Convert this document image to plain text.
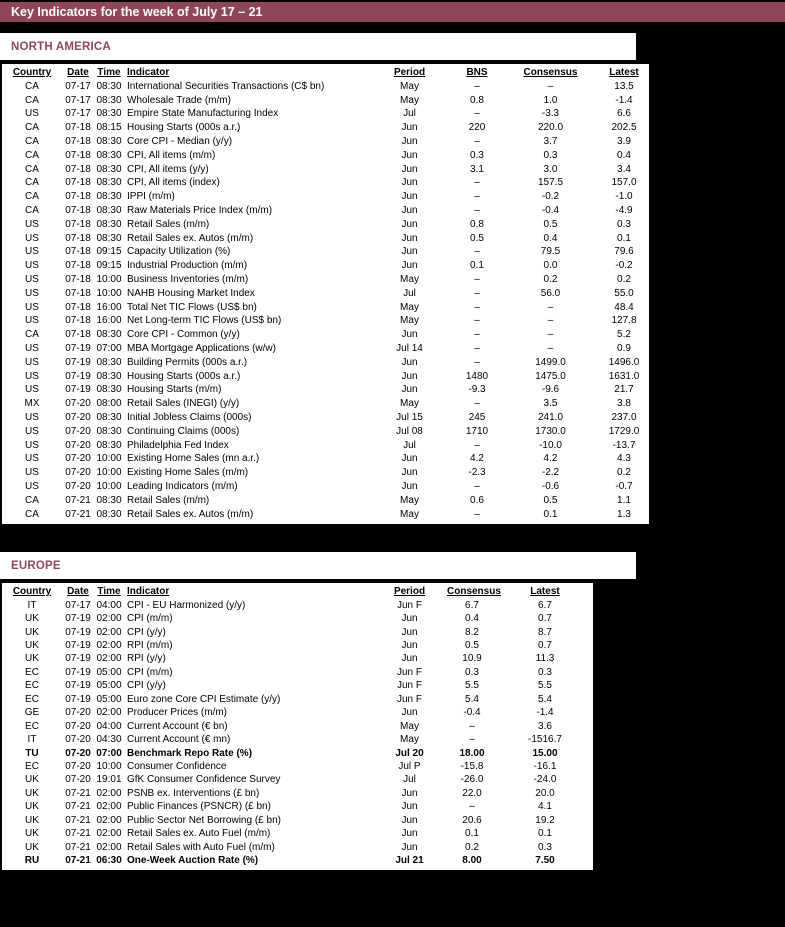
Key Indicators for the week of July 17 – 21
NORTH AMERICA
Country	Date	Time	Indicator	Period	BNS	Consensus	Latest
CA	07-17	08:30	International Securities Transactions (C$ bn)	May	–	–	13.5
CA	07-17	08:30	Wholesale Trade (m/m)	May	0.8	1.0	-1.4
US	07-17	08:30	Empire State Manufacturing Index	Jul	–	-3.3	6.6
CA	07-18	08:15	Housing Starts (000s a.r.)	Jun	220	220.0	202.5
CA	07-18	08:30	Core CPI - Median (y/y)	Jun	–	3.7	3.9
CA	07-18	08:30	CPI, All items (m/m)	Jun	0.3	0.3	0.4
CA	07-18	08:30	CPI, All items (y/y)	Jun	3.1	3.0	3.4
CA	07-18	08:30	CPI, All items (index)	Jun	–	157.5	157.0
CA	07-18	08:30	IPPI (m/m)	Jun	–	-0.2	-1.0
CA	07-18	08:30	Raw Materials Price Index (m/m)	Jun	–	-0.4	-4.9
US	07-18	08:30	Retail Sales (m/m)	Jun	0.8	0.5	0.3
US	07-18	08:30	Retail Sales ex. Autos (m/m)	Jun	0.5	0.4	0.1
US	07-18	09:15	Capacity Utilization (%)	Jun	–	79.5	79.6
US	07-18	09:15	Industrial Production (m/m)	Jun	0.1	0.0	-0.2
US	07-18	10:00	Business Inventories (m/m)	May	–	0.2	0.2
US	07-18	10:00	NAHB Housing Market Index	Jul	–	56.0	55.0
US	07-18	16:00	Total Net TIC Flows (US$ bn)	May	–	–	48.4
US	07-18	16:00	Net Long-term TIC Flows (US$ bn)	May	–	–	127.8
CA	07-18	08:30	Core CPI - Common (y/y)	Jun	–	–	5.2
US	07-19	07:00	MBA Mortgage Applications (w/w)	Jul 14	–	–	0.9
US	07-19	08:30	Building Permits (000s a.r.)	Jun	–	1499.0	1496.0
US	07-19	08:30	Housing Starts (000s a.r.)	Jun	1480	1475.0	1631.0
US	07-19	08:30	Housing Starts (m/m)	Jun	-9.3	-9.6	21.7
MX	07-20	08:00	Retail Sales (INEGI) (y/y)	May	–	3.5	3.8
US	07-20	08:30	Initial Jobless Claims (000s)	Jul 15	245	241.0	237.0
US	07-20	08:30	Continuing Claims (000s)	Jul 08	1710	1730.0	1729.0
US	07-20	08:30	Philadelphia Fed Index	Jul	–	-10.0	-13.7
US	07-20	10:00	Existing Home Sales (mn a.r.)	Jun	4.2	4.2	4.3
US	07-20	10:00	Existing Home Sales (m/m)	Jun	-2.3	-2.2	0.2
US	07-20	10:00	Leading Indicators (m/m)	Jun	–	-0.6	-0.7
CA	07-21	08:30	Retail Sales (m/m)	May	0.6	0.5	1.1
CA	07-21	08:30	Retail Sales ex. Autos (m/m)	May	–	0.1	1.3
EUROPE
Country	Date	Time	Indicator	Period	Consensus	Latest
IT	07-17	04:00	CPI - EU Harmonized (y/y)	Jun F	6.7	6.7
UK	07-19	02:00	CPI (m/m)	Jun	0.4	0.7
UK	07-19	02:00	CPI (y/y)	Jun	8.2	8.7
UK	07-19	02:00	RPI (m/m)	Jun	0.5	0.7
UK	07-19	02:00	RPI (y/y)	Jun	10.9	11.3
EC	07-19	05:00	CPI (m/m)	Jun F	0.3	0.3
EC	07-19	05:00	CPI (y/y)	Jun F	5.5	5.5
EC	07-19	05:00	Euro zone Core CPI Estimate (y/y)	Jun F	5.4	5.4
GE	07-20	02:00	Producer Prices (m/m)	Jun	-0.4	-1.4
EC	07-20	04:00	Current Account (€ bn)	May	–	3.6
IT	07-20	04:30	Current Account (€ mn)	May	–	-1516.7
TU	07-20	07:00	Benchmark Repo Rate (%)	Jul 20	18.00	15.00
EC	07-20	10:00	Consumer Confidence	Jul P	-15.8	-16.1
UK	07-20	19:01	GfK Consumer Confidence Survey	Jul	-26.0	-24.0
UK	07-21	02:00	PSNB ex. Interventions (£ bn)	Jun	22.0	20.0
UK	07-21	02:00	Public Finances (PSNCR) (£ bn)	Jun	–	4.1
UK	07-21	02:00	Public Sector Net Borrowing (£ bn)	Jun	20.6	19.2
UK	07-21	02:00	Retail Sales ex. Auto Fuel (m/m)	Jun	0.1	0.1
UK	07-21	02:00	Retail Sales with Auto Fuel (m/m)	Jun	0.2	0.3
RU	07-21	06:30	One-Week Auction Rate (%)	Jul 21	8.00	7.50
